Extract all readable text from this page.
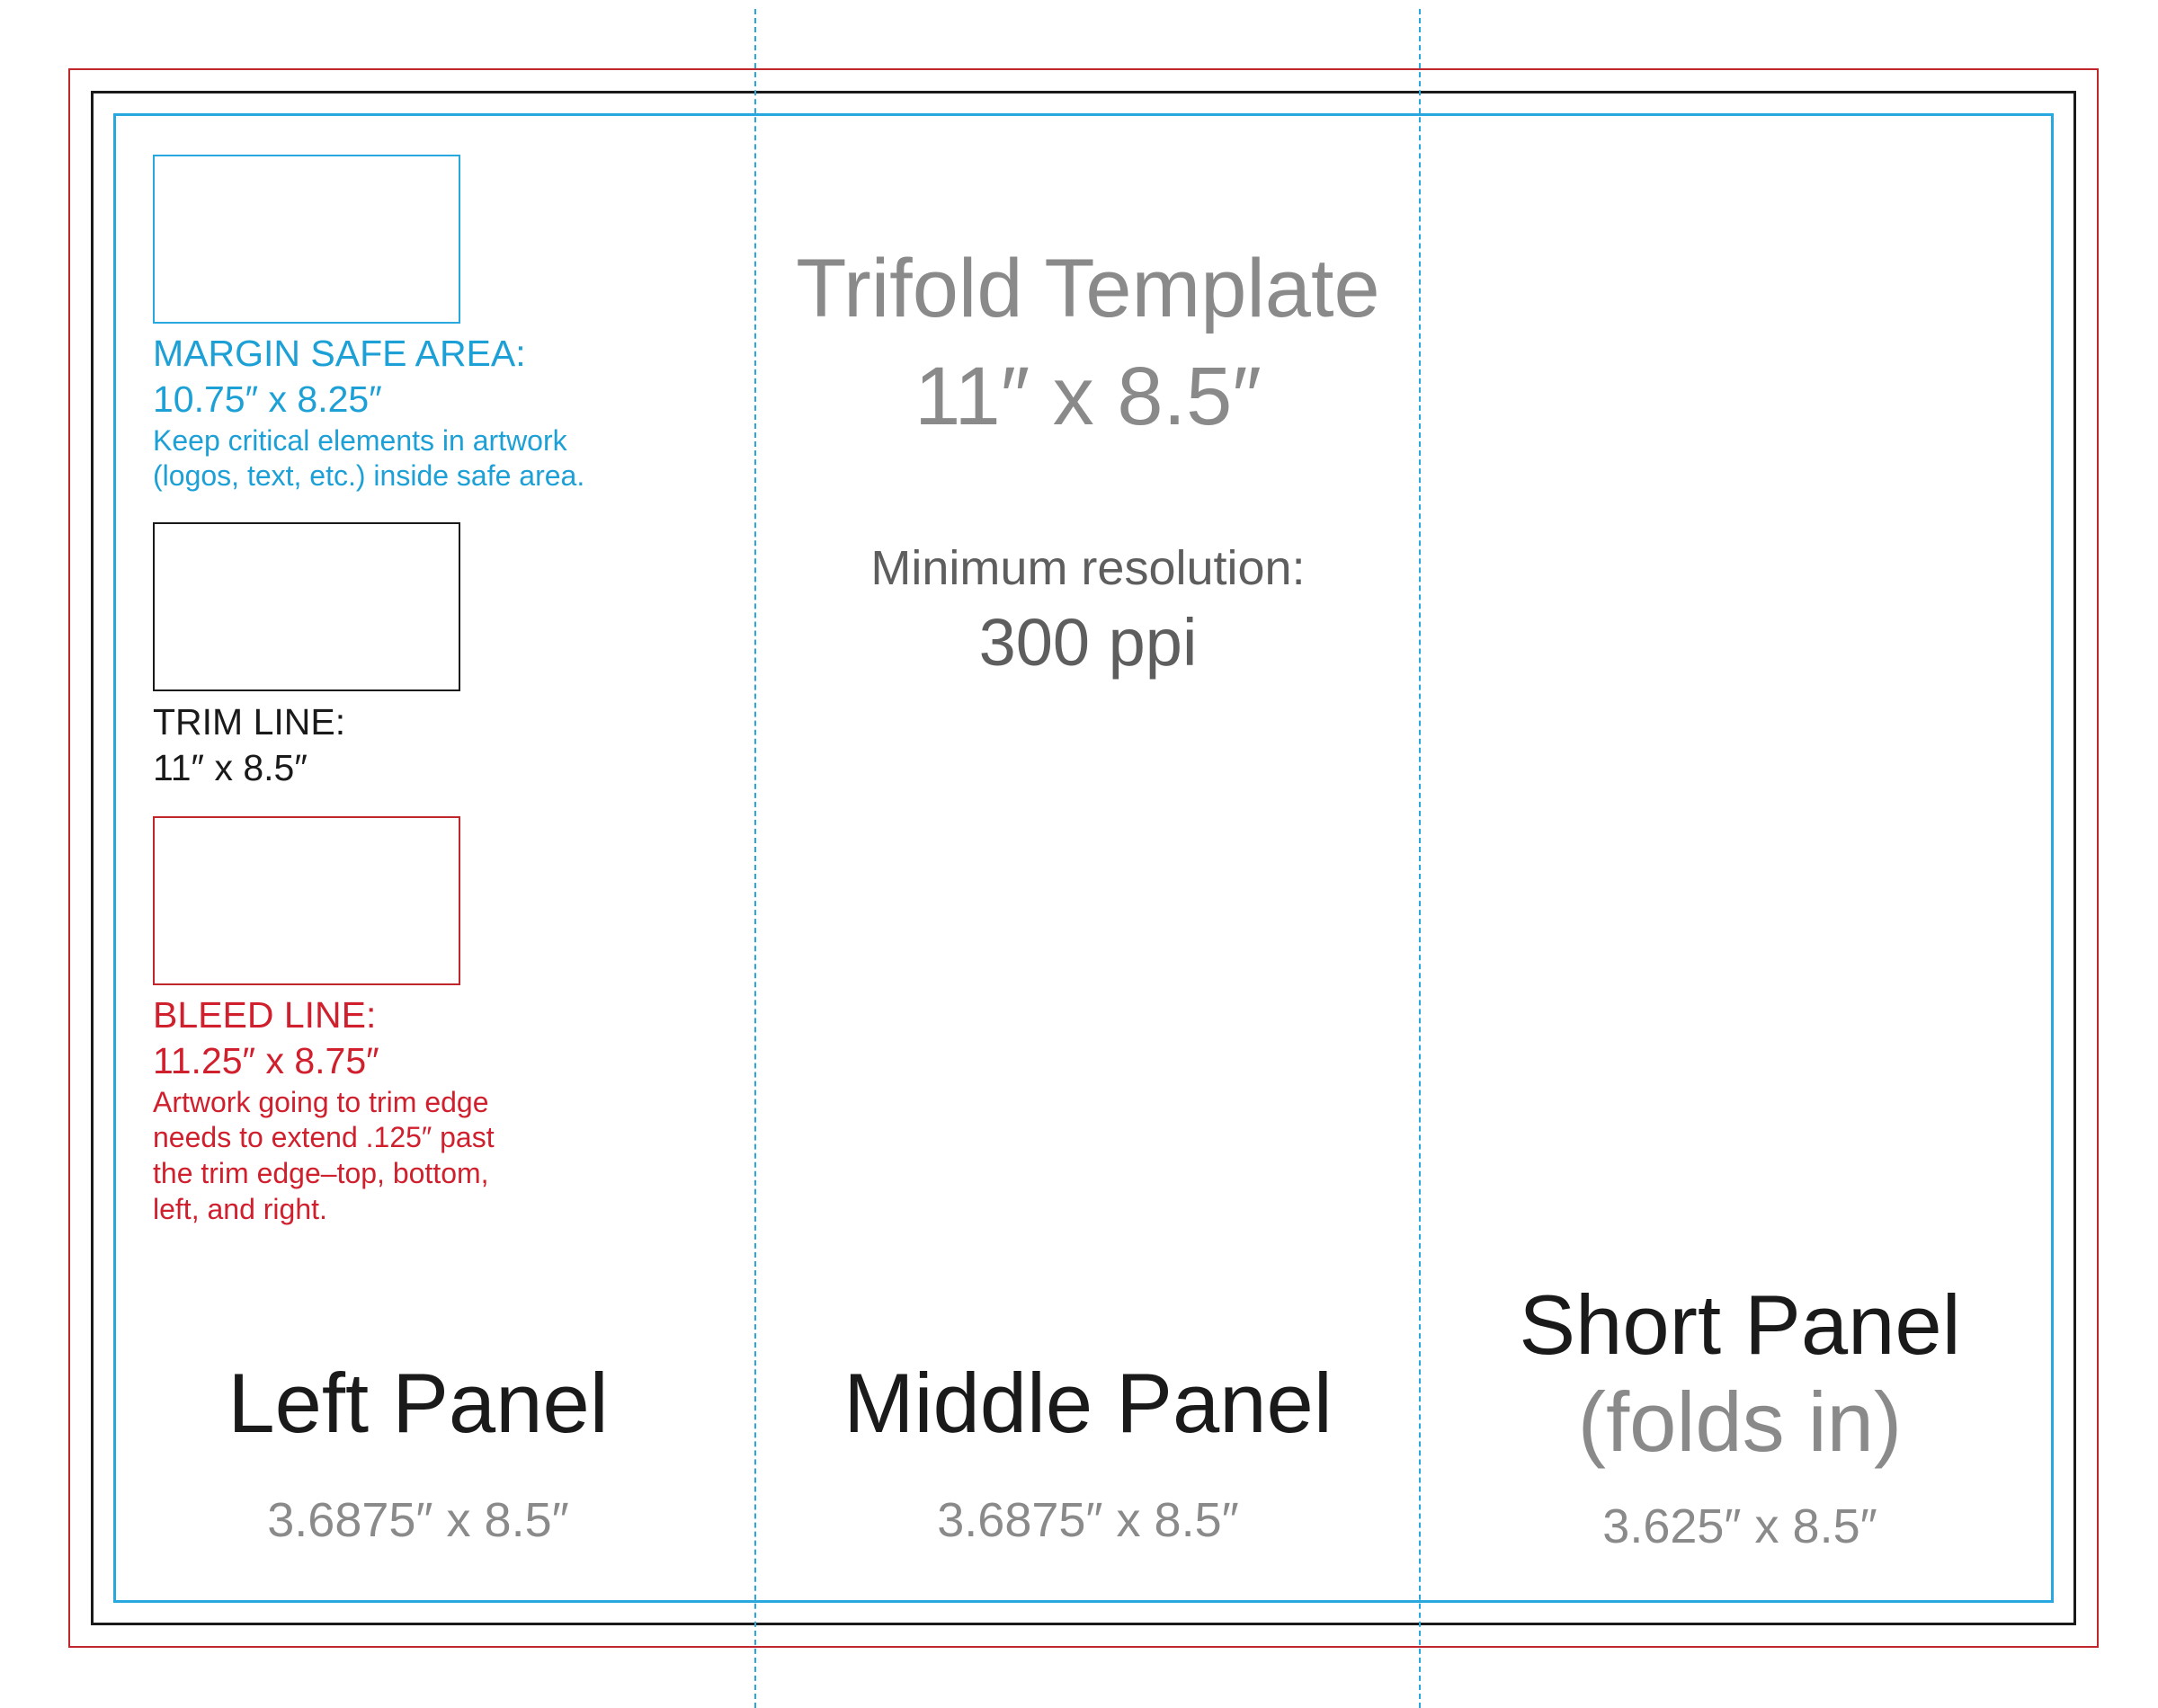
MARGIN SAFE AREA:
10.75″ x 8.25″
Keep critical elements in artwork
(logos, text, etc.) inside safe area.
TRIM LINE:
11″ x 8.5″
BLEED LINE:
11.25″ x 8.75″
Artwork going to trim edge
needs to extend .125″ past
the trim edge–top, bottom,
left, and right.
Trifold Template
11″ x 8.5″
Minimum resolution:
300 ppi
Left Panel
3.6875″ x 8.5″
Middle Panel
3.6875″ x 8.5″
Short Panel
(folds in)
3.625″ x 8.5″
